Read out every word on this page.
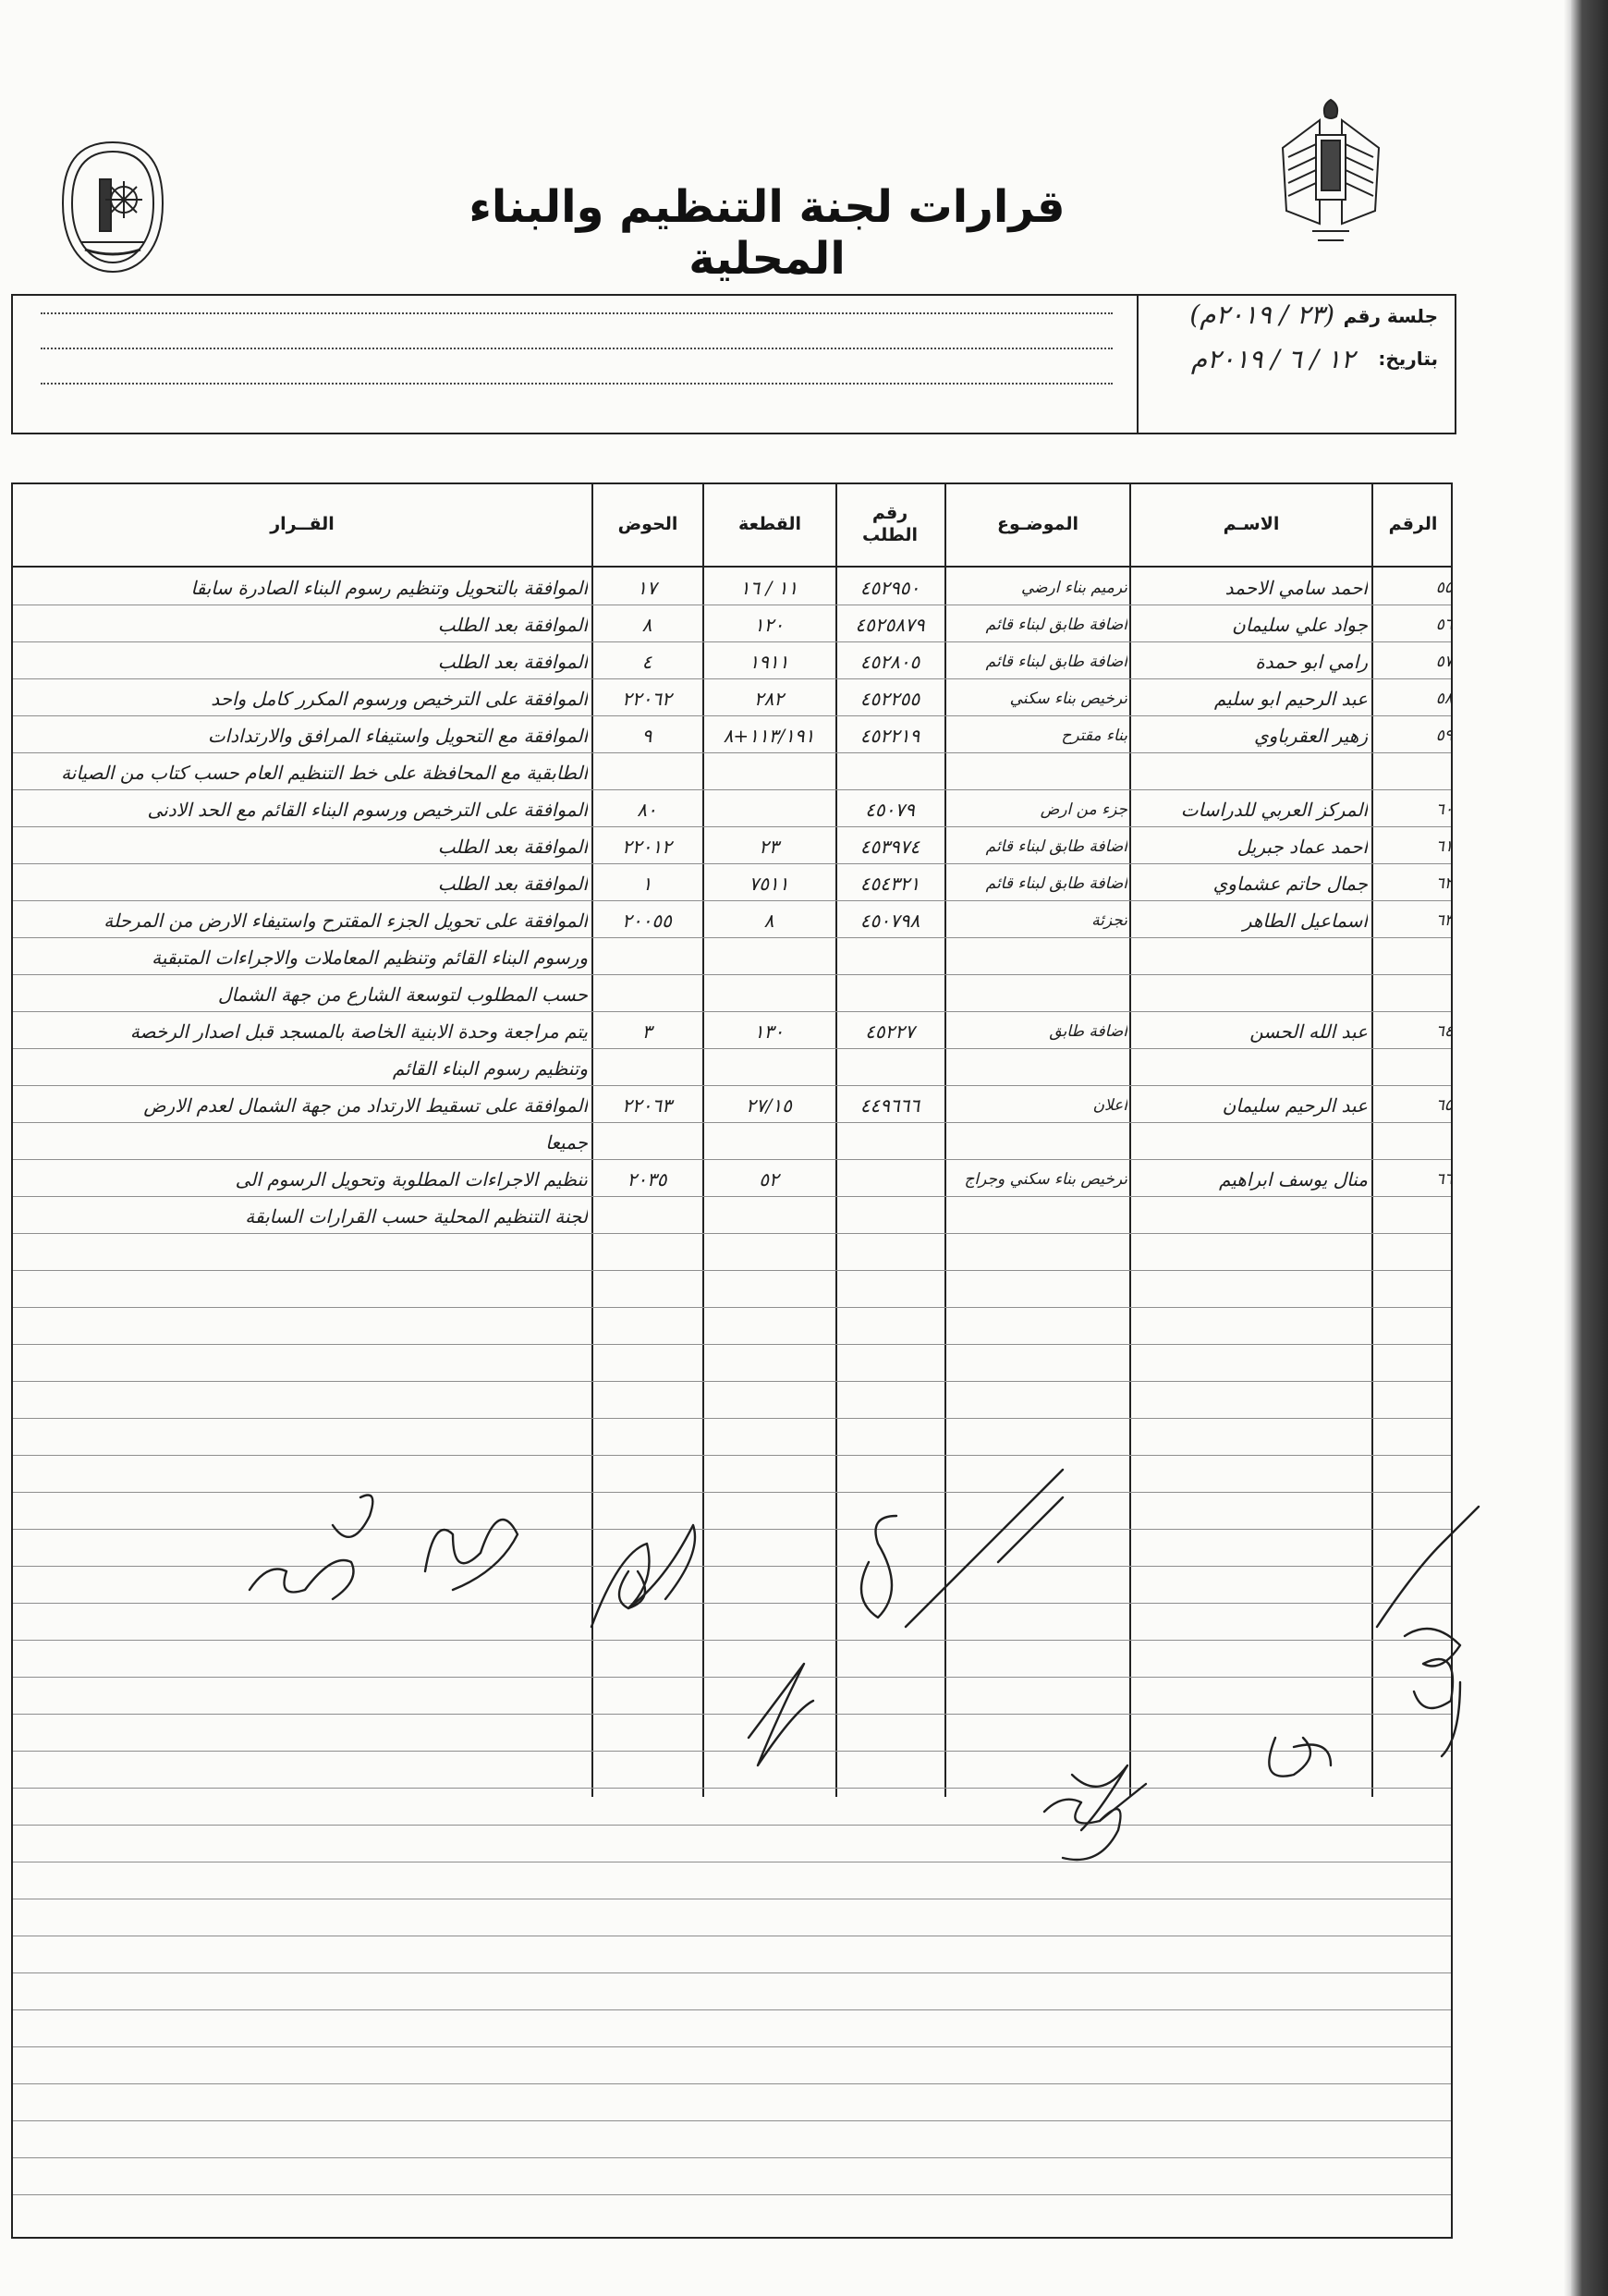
قرارات لجنة التنظيم والبناء المحلية
جلسة رقم
(٢٣ / ٢٠١٩م)
بتاريخ:
١٢ / ٦ / ٢٠١٩م
الرقم
الاسـم
الموضـوع
رقم الطلب
القطعة
الحوض
القــرار
٥٥
احمد سامي الاحمد
ترميم بناء ارضي
٤٥٢٩٥٠
١١ / ١٦
١٧
الموافقة بالتحويل وتنظيم رسوم البناء الصادرة سابقا
٥٦
جواد علي سليمان
اضافة طابق لبناء قائم
٤٥٢٥٨٧٩
١٢٠
٨
الموافقة بعد الطلب
٥٧
رامي ابو حمدة
اضافة طابق لبناء قائم
٤٥٢٨٠٥
١٩١١
٤
الموافقة بعد الطلب
٥٨
عبد الرحيم ابو سليم
ترخيص بناء سكني
٤٥٢٢٥٥
٢٨٢
٢٢٠٦٢
الموافقة على الترخيص ورسوم المكرر كامل واحد
٥٩
زهير العقرباوي
بناء مقترح
٤٥٢٢١٩
١١٣/١٩١+٨
٩
الموافقة مع التحويل واستيفاء المرافق والارتدادات
الطابقية مع المحافظة على خط التنظيم العام حسب كتاب من الصيانة
٦٠
المركز العربي للدراسات
جزء من ارض
٤٥٠٧٩
٨٠
الموافقة على الترخيص ورسوم البناء القائم مع الحد الادنى
٦١
احمد عماد جبريل
اضافة طابق لبناء قائم
٤٥٣٩٧٤
٢٣
٢٢٠١٢
الموافقة بعد الطلب
٦٢
جمال حاتم عشماوي
اضافة طابق لبناء قائم
٤٥٤٣٢١
٧٥١١
١
الموافقة بعد الطلب
٦٣
اسماعيل الطاهر
تجزئة
٤٥٠٧٩٨
٨
٢٠٠٥٥
الموافقة على تحويل الجزء المقترح واستيفاء الارض من المرحلة
ورسوم البناء القائم وتنظيم المعاملات والاجراءات المتبقية
حسب المطلوب لتوسعة الشارع من جهة الشمال
٦٤
عبد الله الحسن
اضافة طابق
٤٥٢٢٧
١٣٠
٣
يتم مراجعة وحدة الابنية الخاصة بالمسجد قبل اصدار الرخصة
وتنظيم رسوم البناء القائم
٦٥
عبد الرحيم سليمان
اعلان
٤٤٩٦٦٦
٢٧/١٥
٢٢٠٦٣
الموافقة على تسقيط الارتداد من جهة الشمال لعدم الارض
جميعا
٦٦
منال يوسف ابراهيم
ترخيص بناء سكني وجراج
٥٢
٢٠٣٥
تنظيم الاجراءات المطلوبة وتحويل الرسوم الى
لجنة التنظيم المحلية حسب القرارات السابقة
